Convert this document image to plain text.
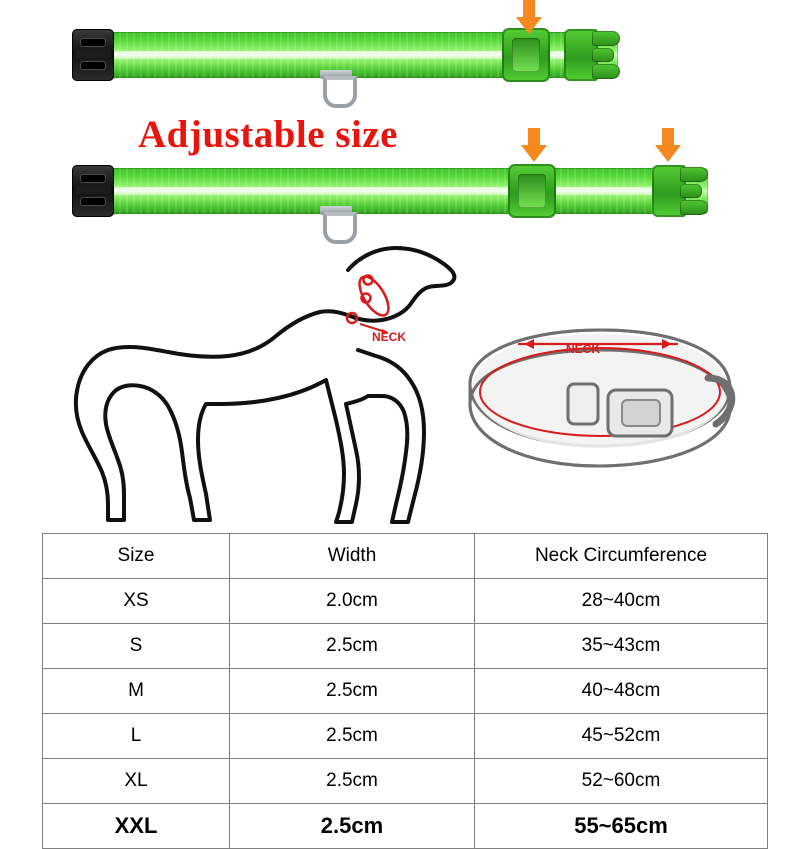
Adjustable size
NECK
NECK
Size	Width	Neck Circumference
XS	2.0cm	28~40cm
S	2.5cm	35~43cm
M	2.5cm	40~48cm
L	2.5cm	45~52cm
XL	2.5cm	52~60cm
XXL	2.5cm	55~65cm
